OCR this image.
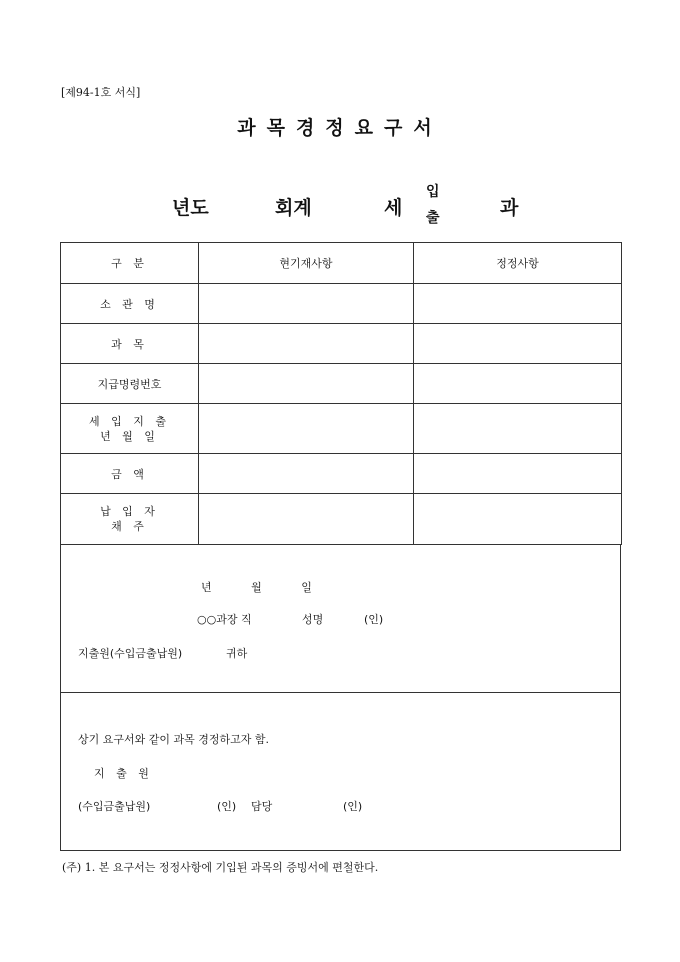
[제94-1호 서식]
과목경정요구서
년도	회계	세
입
출	과
구 분	현기재사항	정정사항
소 관 명		
과 목		
지급명령번호		

세 입 지 출
년 월 일		

금 액		

납 입 자
채 주		

년 월 일
○○과장 직	성명	(인)
지출원(수입금출납원)	귀하
상기 요구서와 같이 과목 경정하고자 함.
지 출 원
(수입금출납원)	(인) 담당	(인)
(주) 1. 본 요구서는 정정사항에 기입된 과목의 증빙서에 편철한다.
